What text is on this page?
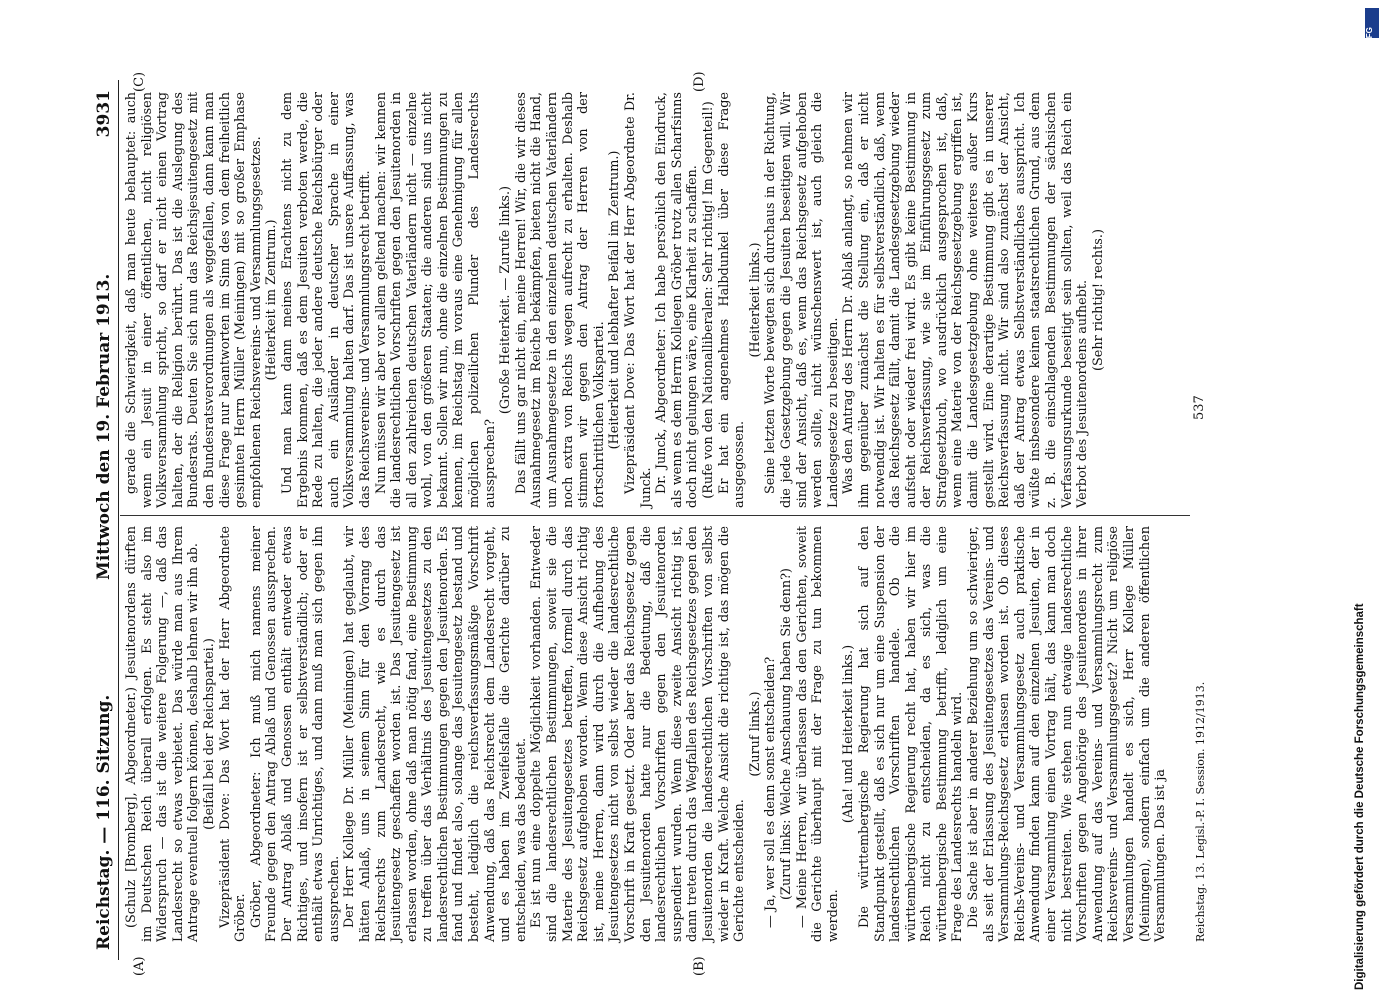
Reichstag. — 116. Sitzung.
Mittwoch den 19. Februar 1913.
3931
(A)	(B)
(C)	(D)

(Schulz [Bromberg], Abgeordneter.) Jesuitenordens dürften im Deutschen Reich überall erfolgen. Es steht also im Widerspruch — das ist die weitere Folgerung —, daß das Landesrecht so etwas verbietet. Das würde man aus Ihrem Antrage eventuell folgern können, deshalb lehnen wir ihn ab. (Beifall bei der Reichspartei.) Vizepräsident Dove: Das Wort hat der Herr Abgeordnete Gröber. Gröber, Abgeordneter: Ich muß mich namens meiner Freunde gegen den Antrag Ablaß und Genossen aussprechen. Der Antrag Ablaß und Genossen enthält entweder etwas Richtiges, und insofern ist er selbstverständlich; oder er enthält etwas Unrichtiges, und dann muß man sich gegen ihn aussprechen. Der Herr Kollege Dr. Müller (Meiningen) hat geglaubt, wir hätten Anlaß, uns in seinem Sinn für den Vorrang des Reichsrechts zum Landesrecht, wie es durch das Jesuitengesetz geschaffen worden ist. Das Jesuitengesetz ist erlassen worden, ohne daß man nötig fand, eine Bestimmung zu treffen über das Verhältnis des Jesuitengesetzes zu den landesrechtlichen Bestimmungen gegen den Jesuitenorden. Es fand und findet also, solange das Jesuitengesetz bestand und besteht, lediglich die reichsverfassungsmäßige Vorschrift Anwendung, daß das Reichsrecht dem Landesrecht vorgeht, und es haben im Zweifelsfalle die Gerichte darüber zu entscheiden, was das bedeutet. Es ist nun eine doppelte Möglichkeit vorhanden. Entweder sind die landesrechtlichen Bestimmungen, soweit sie die Materie des Jesuitengesetzes betreffen, formell durch das Reichsgesetz aufgehoben worden. Wenn diese Ansicht richtig ist, meine Herren, dann wird durch die Aufhebung des Jesuitengesetzes nicht von selbst wieder die landesrechtliche Vorschrift in Kraft gesetzt. Oder aber das Reichsgesetz gegen den Jesuitenorden hatte nur die Bedeutung, daß die landesrechtlichen Vorschriften gegen den Jesuitenorden suspendiert wurden. Wenn diese zweite Ansicht richtig ist, dann treten durch das Wegfallen des Reichsgesetzes gegen den Jesuitenorden die landesrechtlichen Vorschriften von selbst wieder in Kraft. Welche Ansicht die richtige ist, das mögen die Gerichte entscheiden.

(Zuruf links.) — Ja, wer soll es denn sonst entscheiden? (Zuruf links: Welche Anschauung haben Sie denn?) — Meine Herren, wir überlassen das den Gerichten, soweit die Gerichte überhaupt mit der Frage zu tun bekommen werden.

(Aha! und Heiterkeit links.) Die württembergische Regierung hat sich auf den Standpunkt gestellt, daß es sich nur um eine Suspension der landesrechtlichen Vorschriften handele. Ob die württembergische Regierung recht hat, haben wir hier im Reich nicht zu entscheiden, da es sich, was die württembergische Bestimmung betrifft, lediglich um eine Frage des Landesrechts handeln wird. Die Sache ist aber in anderer Beziehung um so schwieriger, als seit der Erlassung des Jesuitengesetzes das Vereins- und Versammlungs-Reichsgesetz erlassen worden ist. Ob dieses Reichs-Vereins- und Versammlungsgesetz auch praktische Anwendung finden kann auf den einzelnen Jesuiten, der in einer Versammlung einen Vortrag hält, das kann man doch nicht bestreiten. Wie stehen nun etwaige landesrechtliche Vorschriften gegen Angehörige des Jesuitenordens in ihrer Anwendung auf das Vereins- und Versammlungsrecht zum Reichsvereins- und Versammlungsgesetz? Nicht um religiöse Versammlungen handelt es sich, Herr Kollege Müller (Meiningen), sondern einfach um die anderen öffentlichen Versammlungen. Das ist ja

gerade die Schwierigkeit, daß man heute behauptet: auch wenn ein Jesuit in einer öffentlichen, nicht religiösen Volksversammlung spricht, so darf er nicht einen Vortrag halten, der die Religion berührt. Das ist die Auslegung des Bundesrats. Deuten Sie sich nun das Reichsjesuitengesetz mit den Bundesratsverordnungen als weggefallen, dann kann man diese Frage nur beantworten im Sinn des von dem freiheitlich gesinnten Herrn Müller (Meiningen) mit so großer Emphase empfohlenen Reichsvereins- und Versammlungsgesetzes. (Heiterkeit im Zentrum.) Und man kann dann meines Erachtens nicht zu dem Ergebnis kommen, daß es dem Jesuiten verboten werde, die Rede zu halten, die jeder andere deutsche Reichsbürger oder auch ein Ausländer in deutscher Sprache in einer Volksversammlung halten darf. Das ist unsere Auffassung, was das Reichsvereins- und Versammlungsrecht betrifft. Nun müssen wir aber vor allem geltend machen: wir kennen die landesrechtlichen Vorschriften gegen den Jesuitenorden in all den zahlreichen deutschen Vaterländern nicht — einzelne wohl, von den größeren Staaten; die anderen sind uns nicht bekannt. Sollen wir nun, ohne die einzelnen Bestimmungen zu kennen, im Reichstag im voraus eine Genehmigung für allen möglichen polizeilichen Plunder des Landesrechts aussprechen?

(Große Heiterkeit. — Zurufe links.) Das fällt uns gar nicht ein, meine Herren! Wir, die wir dieses Ausnahmegesetz im Reiche bekämpfen, bieten nicht die Hand, um Ausnahmegesetze in den einzelnen deutschen Vaterländern noch extra von Reichs wegen aufrecht zu erhalten. Deshalb stimmen wir gegen den Antrag der Herren von der fortschrittlichen Volkspartei. (Heiterkeit und lebhafter Beifall im Zentrum.) Vizepräsident Dove: Das Wort hat der Herr Abgeordnete Dr. Junck. Dr. Junck, Abgeordneter: Ich habe persönlich den Eindruck, als wenn es dem Herrn Kollegen Gröber trotz allen Scharfsinns doch nicht gelungen wäre, eine Klarheit zu schaffen. (Rufe von den Nationalliberalen: Sehr richtig! Im Gegenteil!) Er hat ein angenehmes Halbdunkel über diese Frage ausgegossen.

(Heiterkeit links.) Seine letzten Worte bewegten sich durchaus in der Richtung, die jede Gesetzgebung gegen die Jesuiten beseitigen will. Wir sind der Ansicht, daß es, wenn das Reichsgesetz aufgehoben werden sollte, nicht wünschenswert ist, auch gleich die Landesgesetze zu beseitigen. Was den Antrag des Herrn Dr. Ablaß anlangt, so nehmen wir ihm gegenüber zunächst die Stellung ein, daß er nicht notwendig ist. Wir halten es für selbstverständlich, daß, wenn das Reichsgesetz fällt, damit die Landesgesetzgebung wieder aufsteht oder wieder frei wird. Es gibt keine Bestimmung in der Reichsverfassung, wie sie im Einführungsgesetz zum Strafgesetzbuch, wo ausdrücklich ausgesprochen ist, daß, wenn eine Materie von der Reichsgesetzgebung ergriffen ist, damit die Landesgesetzgebung ohne weiteres außer Kurs gestellt wird. Eine derartige Bestimmung gibt es in unserer Reichsverfassung nicht. Wir sind also zunächst der Ansicht, daß der Antrag etwas Selbstverständliches ausspricht. Ich wüßte insbesondere keinen staatsrechtlichen Grund, aus dem z. B. die einschlagenden Bestimmungen der sächsischen Verfassungsurkunde beseitigt sein sollten, weil das Reich ein Verbot des Jesuitenordens aufhebt. (Sehr richtig! rechts.)

Reichstag. 13. Legisl.-P. I. Session. 1912/1913.
537
Digitalisierung gefördert durch die Deutsche Forschungsgemeinschaft
DFG
